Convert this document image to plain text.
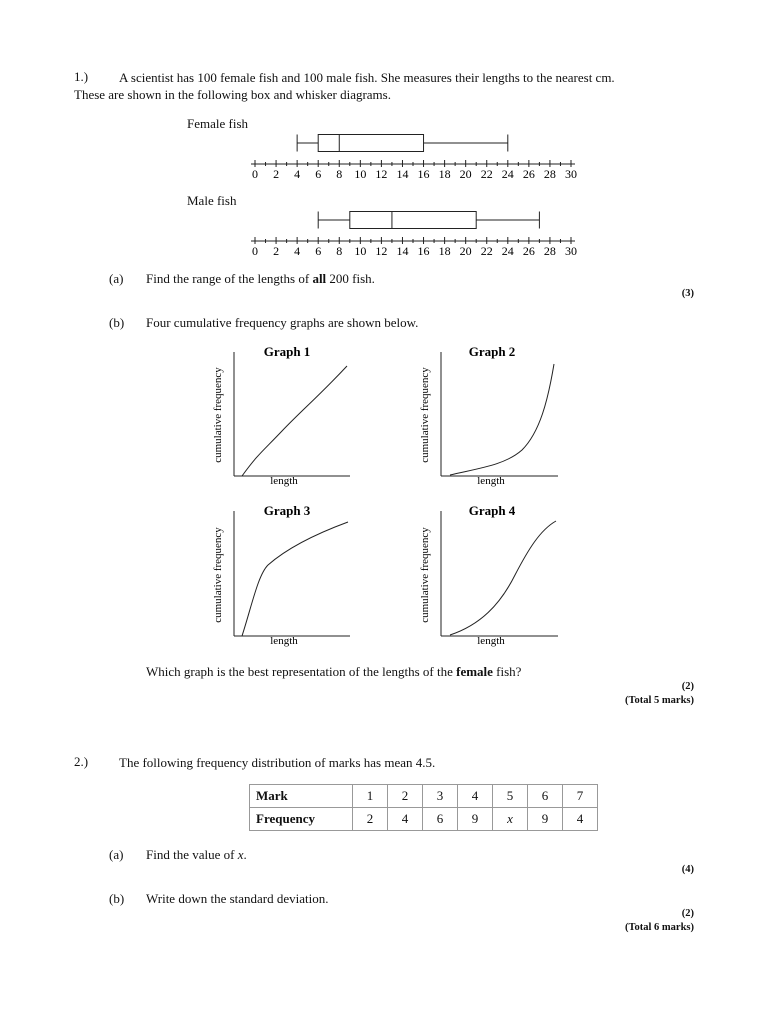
1.) A scientist has 100 female fish and 100 male fish. She measures their lengths to the nearest cm.
These are shown in the following box and whisker diagrams.
Female fish
Male fish
0 2 4 6 8 10 12 14 16 18 20 22 24 26 28 30
0 2 4 6 8 10 12 14 16 18 20 22 24 26 28 30
(a) Find the range of the lengths of all 200 fish.
(3)
(b) Four cumulative frequency graphs are shown below.
Graph 1
length
cumulative frequency
Graph 2
length
cumulative frequency
Graph 3
length
cumulative frequency
Graph 4
length
cumulative frequency
Which graph is the best representation of the lengths of the female fish?
(2)
(Total 5 marks)
2.) The following frequency distribution of marks has mean 4.5.
Mark	1	2	3	4	5	6	7
Frequency	2	4	6	9	x	9	4
(a) Find the value of x.
(4)
(b) Write down the standard deviation.
(2)
(Total 6 marks)
